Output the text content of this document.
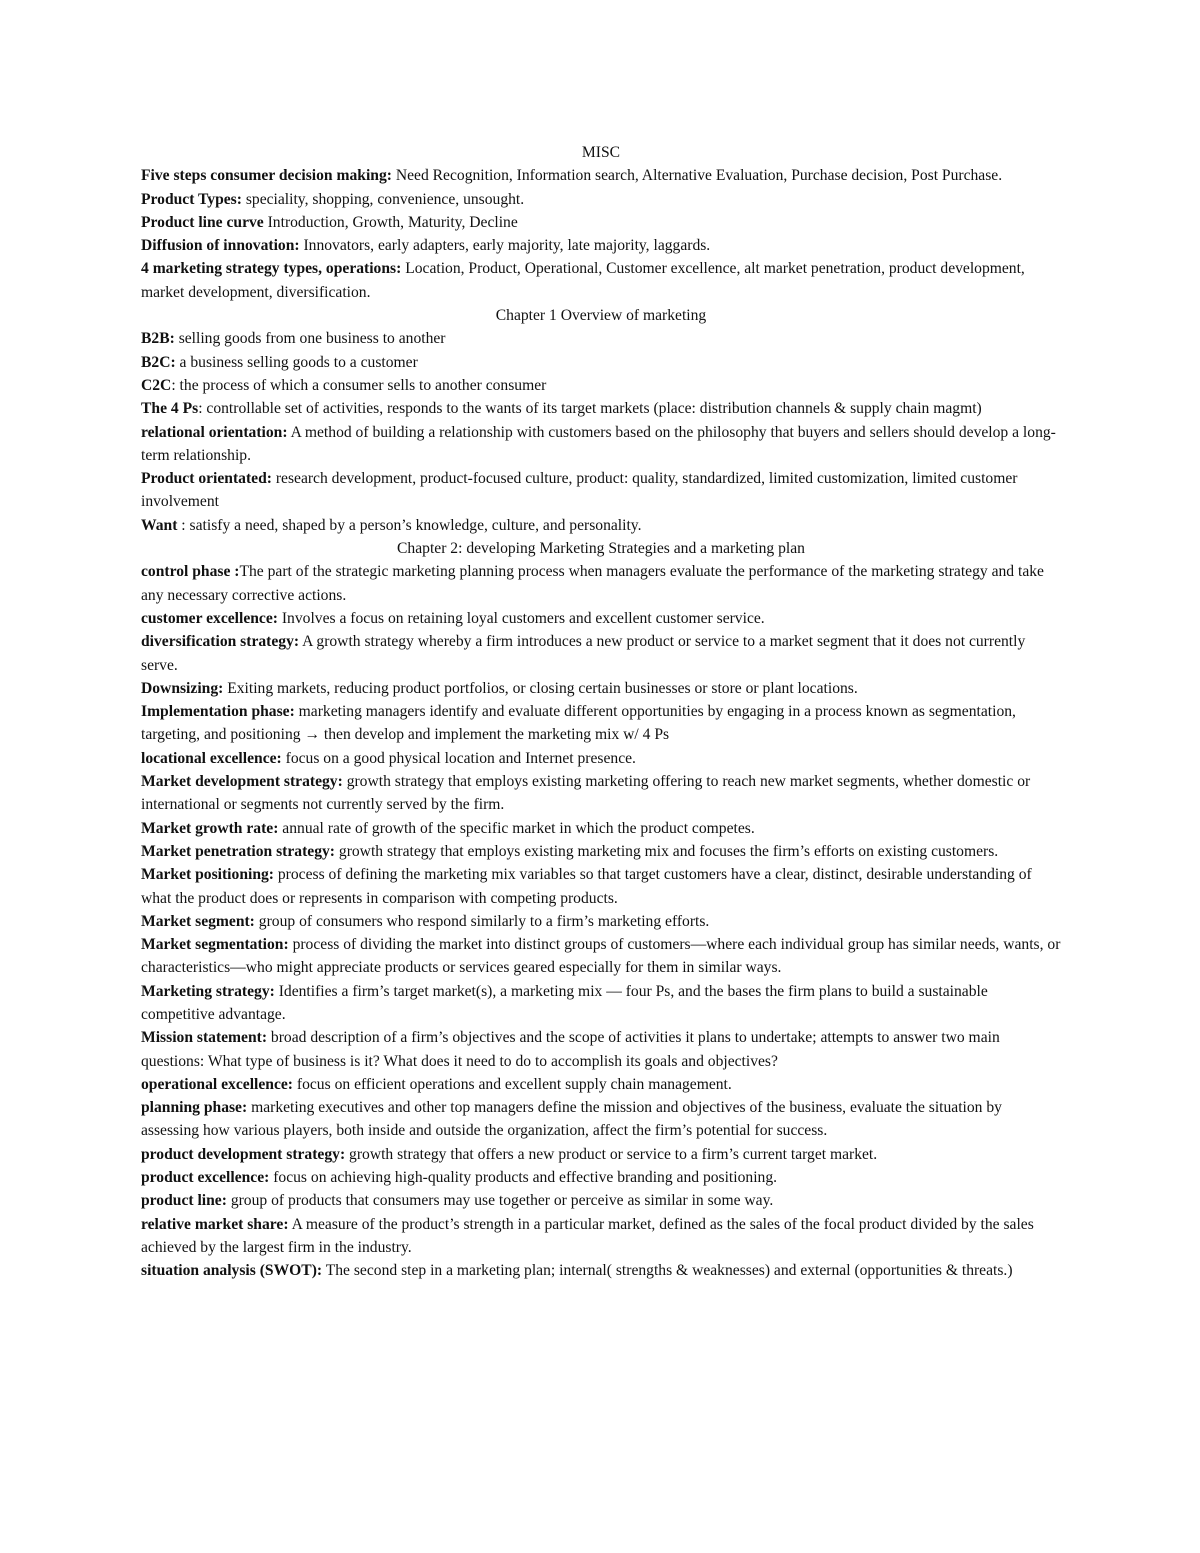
MISC

Five steps consumer decision making: Need Recognition, Information search, Alternative Evaluation, Purchase decision, Post Purchase.

Product Types: speciality, shopping, convenience, unsought.

Product line curve Introduction, Growth, Maturity, Decline

Diffusion of innovation: Innovators, early adapters, early majority, late majority, laggards.

4 marketing strategy types, operations: Location, Product, Operational, Customer excellence, alt market penetration, product development, market development, diversification.

Chapter 1 Overview of marketing

B2B: selling goods from one business to another

B2C: a business selling goods to a customer

C2C: the process of which a consumer sells to another consumer

The 4 Ps: controllable set of activities, responds to the wants of its target markets (place: distribution channels & supply chain magmt)

relational orientation: A method of building a relationship with customers based on the philosophy that buyers and sellers should develop a long-term relationship.

Product orientated: research development, product-focused culture, product: quality, standardized, limited customization, limited customer involvement

Want : satisfy a need, shaped by a person’s knowledge, culture, and personality.

Chapter 2: developing Marketing Strategies and a marketing plan

control phase :The part of the strategic marketing planning process when managers evaluate the performance of the marketing strategy and take any necessary corrective actions.

customer excellence: Involves a focus on retaining loyal customers and excellent customer service.

diversification strategy: A growth strategy whereby a firm introduces a new product or service to a market segment that it does not currently serve.

Downsizing: Exiting markets, reducing product portfolios, or closing certain businesses or store or plant locations.

Implementation phase: marketing managers identify and evaluate different opportunities by engaging in a process known as segmentation, targeting, and positioning → then develop and implement the marketing mix w/ 4 Ps

locational excellence: focus on a good physical location and Internet presence.

Market development strategy: growth strategy that employs existing marketing offering to reach new market segments, whether domestic or international or segments not currently served by the firm.

Market growth rate: annual rate of growth of the specific market in which the product competes.

Market penetration strategy: growth strategy that employs existing marketing mix and focuses the firm’s efforts on existing customers.

Market positioning: process of defining the marketing mix variables so that target customers have a clear, distinct, desirable understanding of what the product does or represents in comparison with competing products.

Market segment: group of consumers who respond similarly to a firm’s marketing efforts.

Market segmentation: process of dividing the market into distinct groups of customers—where each individual group has similar needs, wants, or characteristics—who might appreciate products or services geared especially for them in similar ways.

Marketing strategy: Identifies a firm’s target market(s), a marketing mix — four Ps, and the bases the firm plans to build a sustainable competitive advantage.

Mission statement: broad description of a firm’s objectives and the scope of activities it plans to undertake; attempts to answer two main questions: What type of business is it? What does it need to do to accomplish its goals and objectives?

operational excellence: focus on efficient operations and excellent supply chain management.

planning phase: marketing executives and other top managers define the mission and objectives of the business, evaluate the situation by assessing how various players, both inside and outside the organization, affect the firm’s potential for success.

product development strategy: growth strategy that offers a new product or service to a firm’s current target market.

product excellence: focus on achieving high-quality products and effective branding and positioning.

product line: group of products that consumers may use together or perceive as similar in some way.

relative market share: A measure of the product’s strength in a particular market, defined as the sales of the focal product divided by the sales achieved by the largest firm in the industry.

situation analysis (SWOT): The second step in a marketing plan; internal( strengths & weaknesses) and external (opportunities & threats.)
